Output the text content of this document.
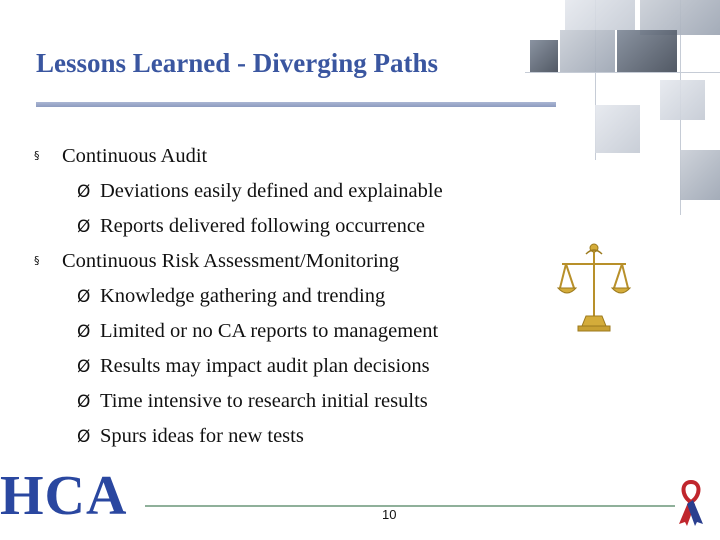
Lessons Learned - Diverging Paths
§ Continuous Audit
Ø Deviations easily defined and explainable
Ø Reports delivered following occurrence
§ Continuous Risk Assessment/Monitoring
Ø Knowledge gathering and trending
Ø Limited or no CA reports to management
Ø Results may impact audit plan decisions
Ø Time intensive to research initial results
Ø Spurs ideas for new tests
HCA	10
